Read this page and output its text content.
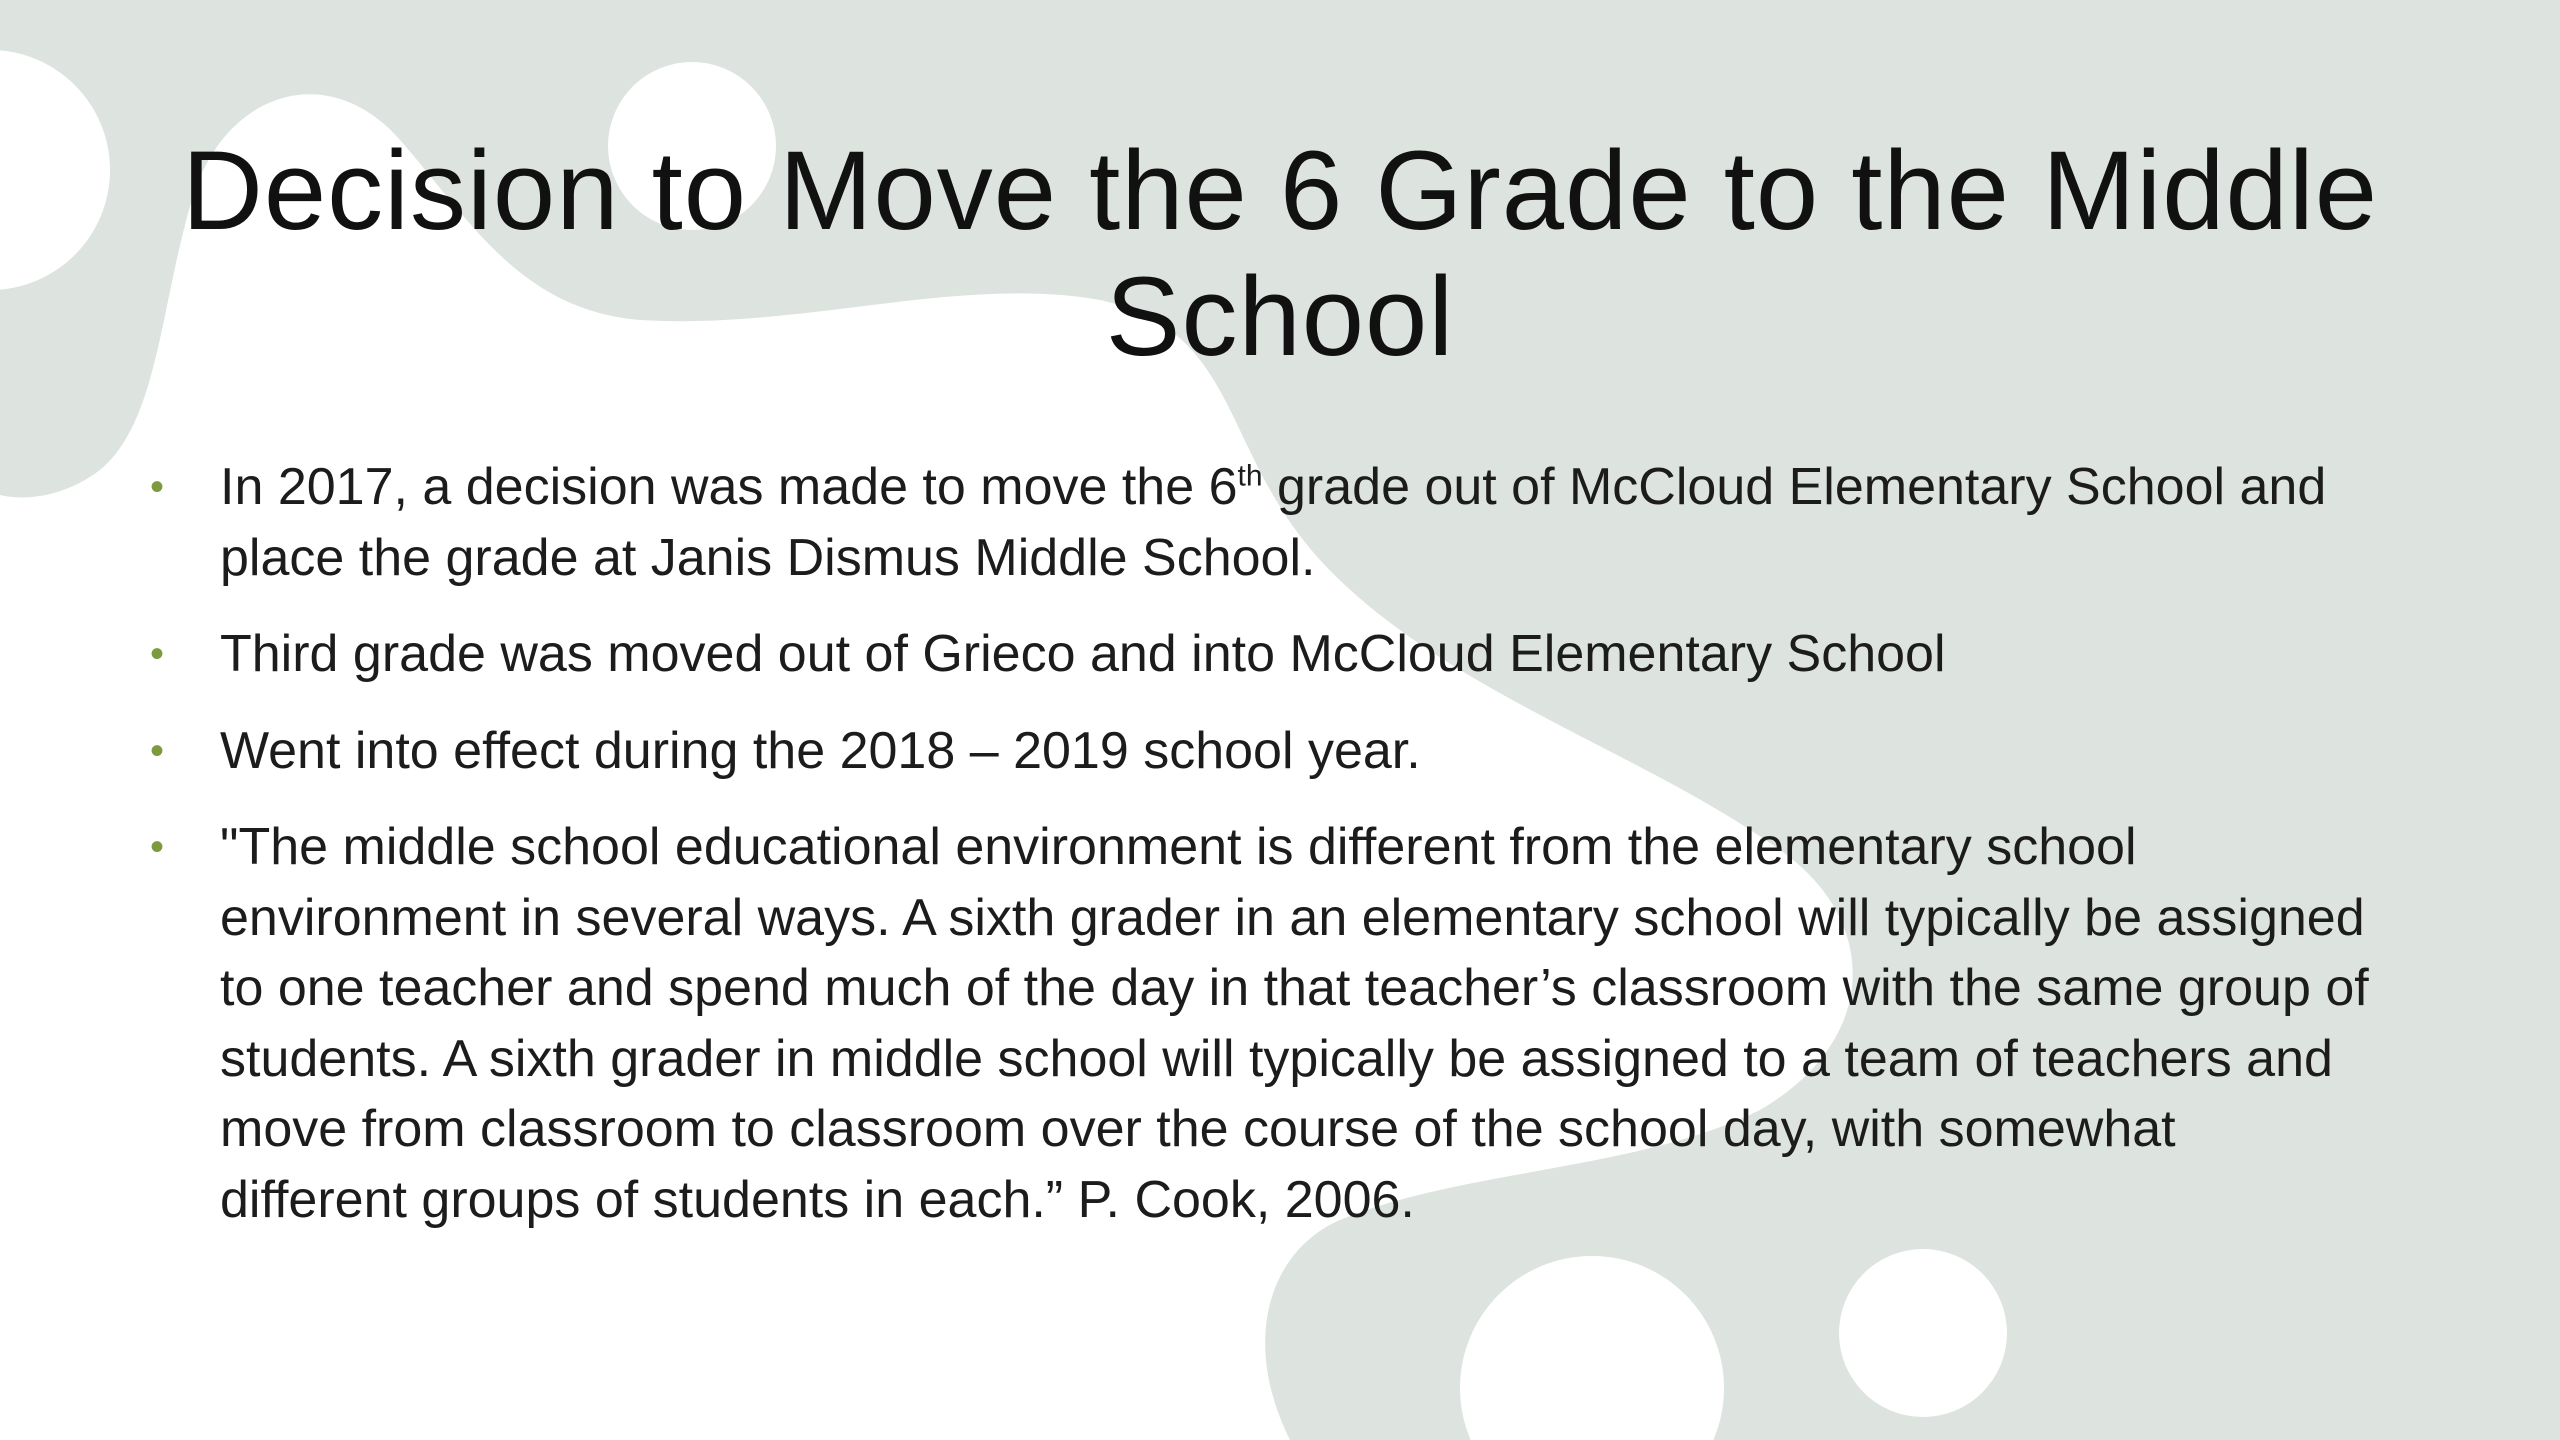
Decision to Move the 6 Grade to the Middle
School
• In 2017, a decision was made to move the 6th grade out of McCloud Elementary School and place the grade at Janis Dismus Middle School.
• Third grade was moved out of Grieco and into McCloud Elementary School
• Went into effect during the 2018 – 2019 school year.
• "The middle school educational environment is different from the elementary school environment in several ways. A sixth grader in an elementary school will typically be assigned to one teacher and spend much of the day in that teacher’s classroom with the same group of students. A sixth grader in middle school will typically be assigned to a team of teachers and move from classroom to classroom over the course of the school day, with somewhat different groups of students in each.” P. Cook, 2006.
